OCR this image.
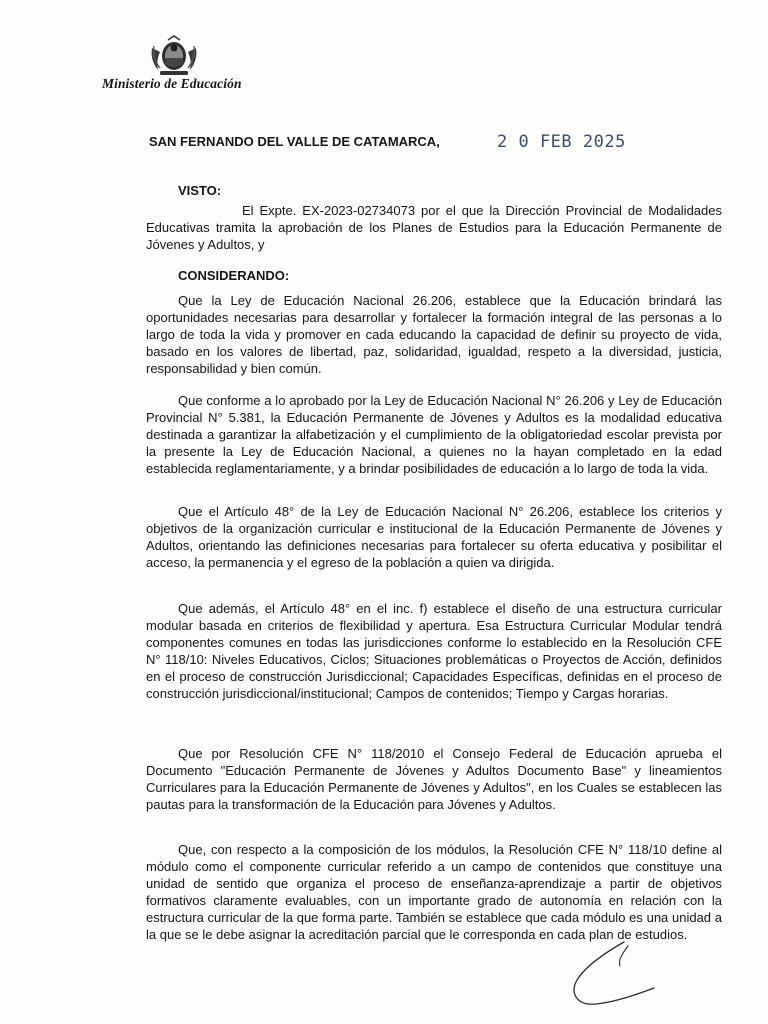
Ministerio de Educación
SAN FERNANDO DEL VALLE DE CATAMARCA,	2 0 FEB 2025
VISTO:

El Expte. EX-2023-02734073 por el que la Dirección Provincial de Modalidades Educativas tramita la aprobación de los Planes de Estudios para la Educación Permanente de Jóvenes y Adultos, y

CONSIDERANDO:

Que la Ley de Educación Nacional 26.206, establece que la Educación brindará las oportunidades necesarias para desarrollar y fortalecer la formación integral de las personas a lo largo de toda la vida y promover en cada educando la capacidad de definir su proyecto de vida, basado en los valores de libertad, paz, solidaridad, igualdad, respeto a la diversidad, justicia, responsabilidad y bien común.

Que conforme a lo aprobado por la Ley de Educación Nacional N° 26.206 y Ley de Educación Provincial N° 5.381, la Educación Permanente de Jóvenes y Adultos es la modalidad educativa destinada a garantizar la alfabetización y el cumplimiento de la obligatoriedad escolar prevista por la presente la Ley de Educación Nacional, a quienes no la hayan completado en la edad establecida reglamentariamente, y a brindar posibilidades de educación a lo largo de toda la vida.

Que el Artículo 48° de la Ley de Educación Nacional N° 26.206, establece los criterios y objetivos de la organización curricular e institucional de la Educación Permanente de Jóvenes y Adultos, orientando las definiciones necesarias para fortalecer su oferta educativa y posibilitar el acceso, la permanencia y el egreso de la población a quien va dirigida.

Que además, el Artículo 48° en el inc. f) establece el diseño de una estructura curricular modular basada en criterios de flexibilidad y apertura. Esa Estructura Curricular Modular tendrá componentes comunes en todas las jurisdicciones conforme lo establecido en la Resolución CFE N° 118/10: Niveles Educativos, Ciclos; Situaciones problemáticas o Proyectos de Acción, definidos en el proceso de construcción Jurisdiccional; Capacidades Específicas, definidas en el proceso de construcción jurisdiccional/institucional; Campos de contenidos; Tiempo y Cargas horarias.

Que por Resolución CFE N° 118/2010 el Consejo Federal de Educación aprueba el Documento "Educación Permanente de Jóvenes y Adultos Documento Base" y lineamientos Curriculares para la Educación Permanente de Jóvenes y Adultos", en los Cuales se establecen las pautas para la transformación de la Educación para Jóvenes y Adultos.

Que, con respecto a la composición de los módulos, la Resolución CFE N° 118/10 define al módulo como el componente curricular referido a un campo de contenidos que constituye una unidad de sentido que organiza el proceso de enseñanza-aprendizaje a partir de objetivos formativos claramente evaluables, con un importante grado de autonomía en relación con la estructura curricular de la que forma parte. También se establece que cada módulo es una unidad a la que se le debe asignar la acreditación parcial que le corresponda en cada plan de estudios.
